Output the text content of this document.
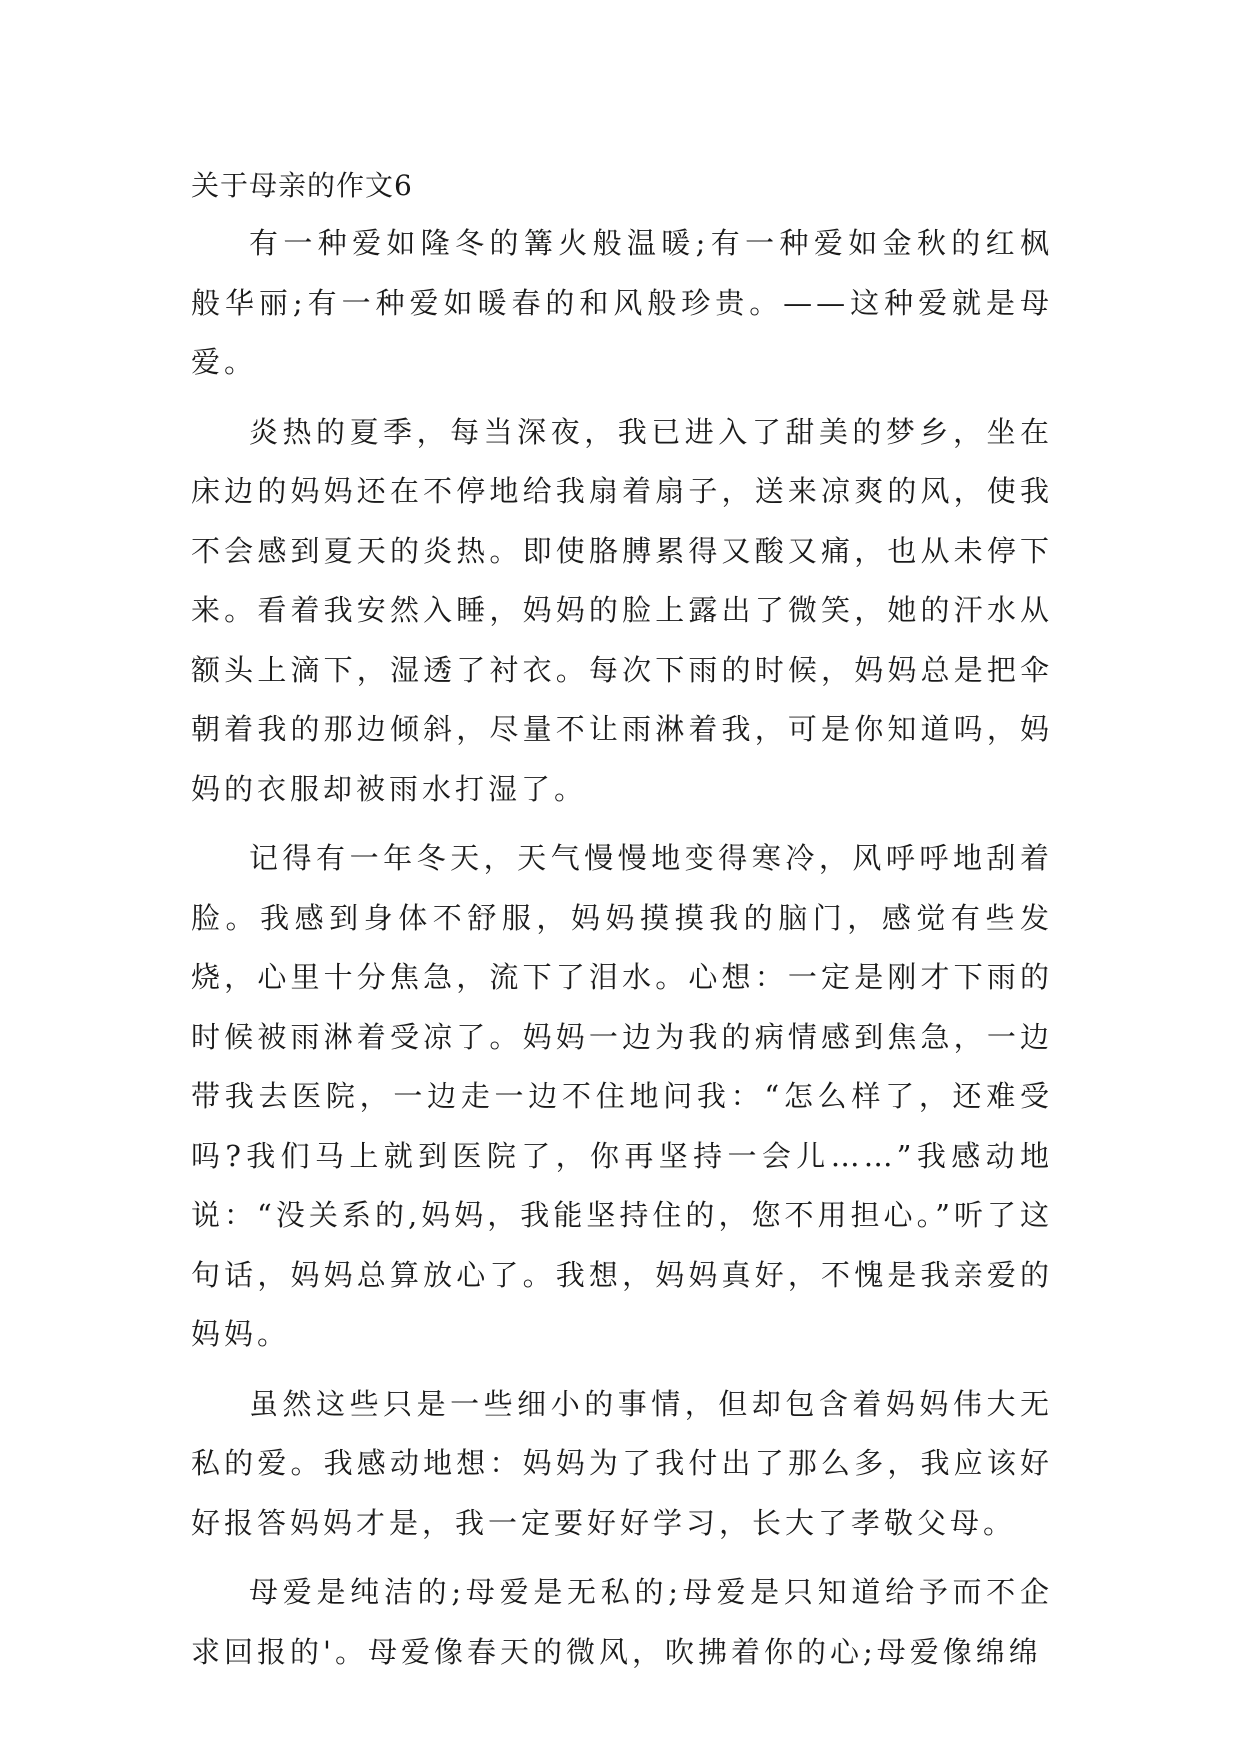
关于母亲的作文6

有一种爱如隆冬的篝火般温暖;有一种爱如金秋的红枫般华丽;有一种爱如暖春的和风般珍贵。——这种爱就是母爱。

炎热的夏季，每当深夜，我已进入了甜美的梦乡，坐在床边的妈妈还在不停地给我扇着扇子，送来凉爽的风，使我不会感到夏天的炎热。即使胳膊累得又酸又痛，也从未停下来。看着我安然入睡，妈妈的脸上露出了微笑，她的汗水从额头上滴下，湿透了衬衣。每次下雨的时候，妈妈总是把伞朝着我的那边倾斜，尽量不让雨淋着我，可是你知道吗，妈妈的衣服却被雨水打湿了。

记得有一年冬天，天气慢慢地变得寒冷，风呼呼地刮着脸。我感到身体不舒服，妈妈摸摸我的脑门，感觉有些发烧，心里十分焦急，流下了泪水。心想：一定是刚才下雨的时候被雨淋着受凉了。妈妈一边为我的病情感到焦急，一边带我去医院，一边走一边不住地问我：“怎么样了，还难受吗?我们马上就到医院了，你再坚持一会儿……”我感动地说：“没关系的,妈妈，我能坚持住的，您不用担心。”听了这句话，妈妈总算放心了。我想，妈妈真好，不愧是我亲爱的妈妈。

虽然这些只是一些细小的事情，但却包含着妈妈伟大无私的爱。我感动地想：妈妈为了我付出了那么多，我应该好好报答妈妈才是，我一定要好好学习，长大了孝敬父母。

母爱是纯洁的;母爱是无私的;母爱是只知道给予而不企求回报的'。母爱像春天的微风，吹拂着你的心;母爱像绵绵
